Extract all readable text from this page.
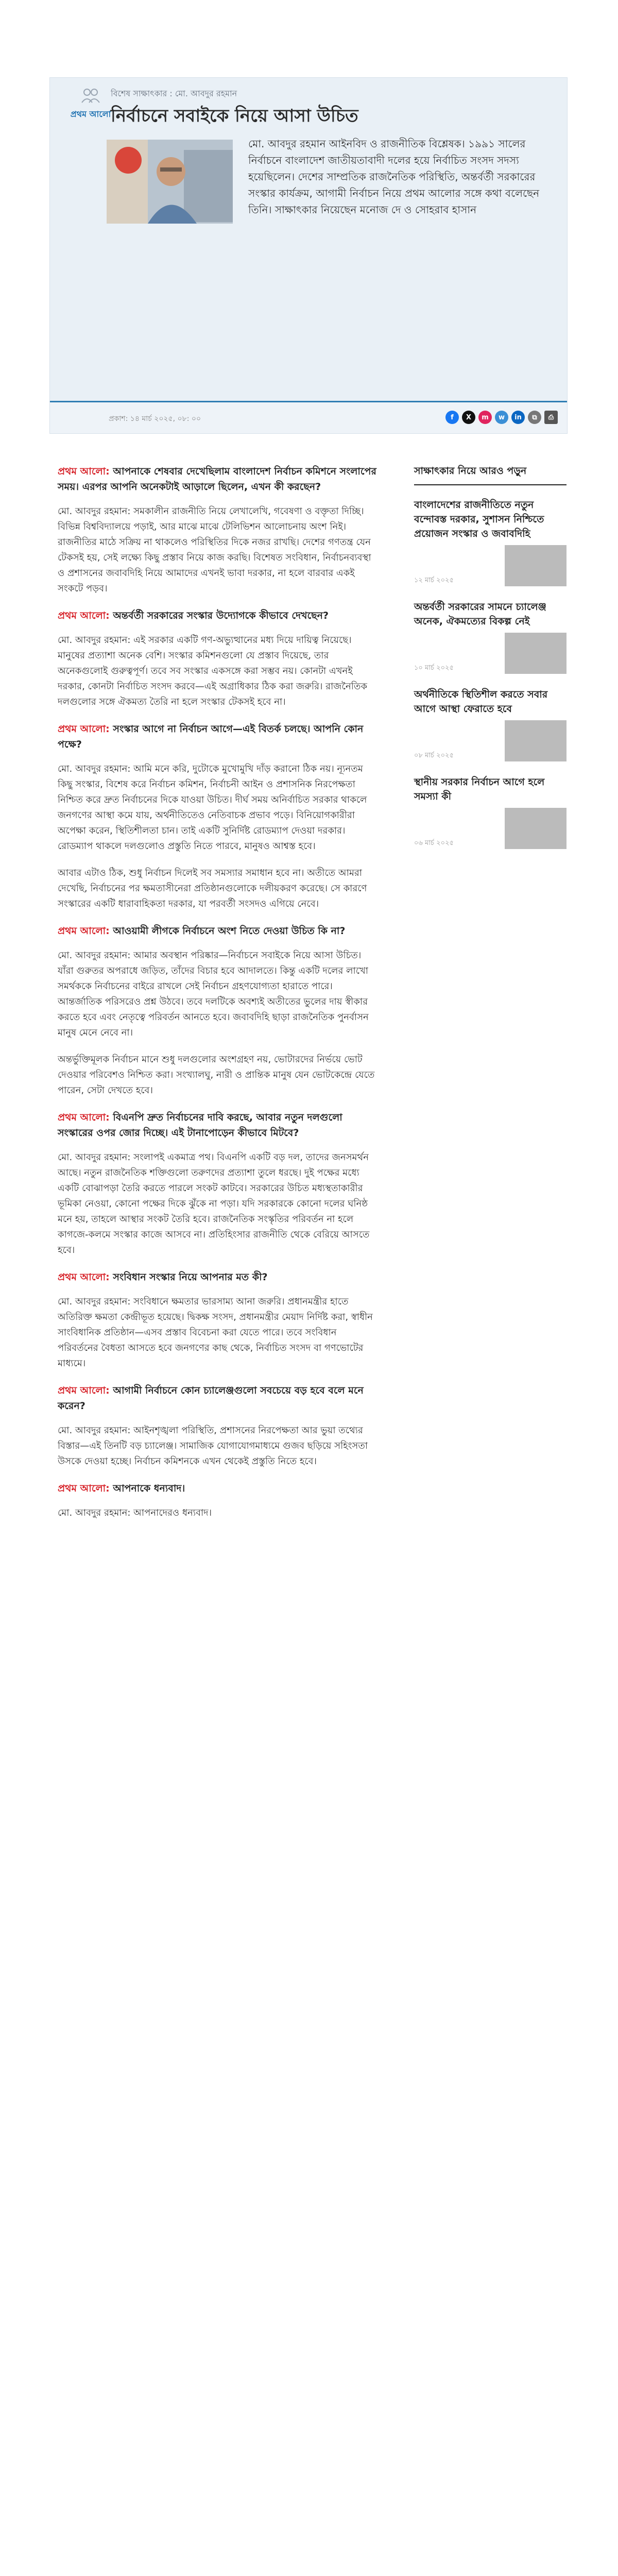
প্রথম আলো
বিশেষ সাক্ষাৎকার : মো. আবদুর রহমান
নির্বাচনে সবাইকে নিয়ে আসা উচিত
মো. আবদুর রহমান আইনবিদ ও রাজনীতিক বিশ্লেষক। ১৯৯১ সালের নির্বাচনে বাংলাদেশ জাতীয়তাবাদী দলের হয়ে নির্বাচিত সংসদ সদস্য হয়েছিলেন। দেশের সাম্প্রতিক রাজনৈতিক পরিস্থিতি, অন্তর্বর্তী সরকারের সংস্কার কার্যক্রম, আগামী নির্বাচন নিয়ে প্রথম আলোর সঙ্গে কথা বলেছেন তিনি। সাক্ষাৎকার নিয়েছেন মনোজ দে ও সোহরাব হাসান
প্রকাশ: ১৪ মার্চ ২০২৫, ০৮: ০০	f	X	m	w	in	⧉	⎙

প্রথম আলো: আপনাকে শেষবার দেখেছিলাম বাংলাদেশ নির্বাচন কমিশনে সংলাপের সময়। এরপর আপনি অনেকটাই আড়ালে ছিলেন, এখন কী করছেন?

মো. আবদুর রহমান: সমকালীন রাজনীতি নিয়ে লেখালেখি, গবেষণা ও বক্তৃতা দিচ্ছি। বিভিন্ন বিশ্ববিদ্যালয়ে পড়াই, আর মাঝে মাঝে টেলিভিশন আলোচনায় অংশ নিই। রাজনীতির মাঠে সক্রিয় না থাকলেও পরিস্থিতির দিকে নজর রাখছি। দেশের গণতন্ত্র যেন টেকসই হয়, সেই লক্ষ্যে কিছু প্রস্তাব নিয়ে কাজ করছি। বিশেষত সংবিধান, নির্বাচনব্যবস্থা ও প্রশাসনের জবাবদিহি নিয়ে আমাদের এখনই ভাবা দরকার, না হলে বারবার একই সংকটে পড়ব।

প্রথম আলো: অন্তর্বর্তী সরকারের সংস্কার উদ্যোগকে কীভাবে দেখছেন?

মো. আবদুর রহমান: এই সরকার একটি গণ-অভ্যুত্থানের মধ্য দিয়ে দায়িত্ব নিয়েছে। মানুষের প্রত্যাশা অনেক বেশি। সংস্কার কমিশনগুলো যে প্রস্তাব দিয়েছে, তার অনেকগুলোই গুরুত্বপূর্ণ। তবে সব সংস্কার একসঙ্গে করা সম্ভব নয়। কোনটা এখনই দরকার, কোনটা নির্বাচিত সংসদ করবে—এই অগ্রাধিকার ঠিক করা জরুরি। রাজনৈতিক দলগুলোর সঙ্গে ঐকমত্য তৈরি না হলে সংস্কার টেকসই হবে না।

প্রথম আলো: সংস্কার আগে না নির্বাচন আগে—এই বিতর্ক চলছে। আপনি কোন পক্ষে?

মো. আবদুর রহমান: আমি মনে করি, দুটোকে মুখোমুখি দাঁড় করানো ঠিক নয়। ন্যূনতম কিছু সংস্কার, বিশেষ করে নির্বাচন কমিশন, নির্বাচনী আইন ও প্রশাসনিক নিরপেক্ষতা নিশ্চিত করে দ্রুত নির্বাচনের দিকে যাওয়া উচিত। দীর্ঘ সময় অনির্বাচিত সরকার থাকলে জনগণের আস্থা কমে যায়, অর্থনীতিতেও নেতিবাচক প্রভাব পড়ে। বিনিয়োগকারীরা অপেক্ষা করেন, স্থিতিশীলতা চান। তাই একটি সুনির্দিষ্ট রোডম্যাপ দেওয়া দরকার। রোডম্যাপ থাকলে দলগুলোও প্রস্তুতি নিতে পারবে, মানুষও আশ্বস্ত হবে।

আবার এটাও ঠিক, শুধু নির্বাচন দিলেই সব সমস্যার সমাধান হবে না। অতীতে আমরা দেখেছি, নির্বাচনের পর ক্ষমতাসীনেরা প্রতিষ্ঠানগুলোকে দলীয়করণ করেছে। সে কারণে সংস্কারের একটি ধারাবাহিকতা দরকার, যা পরবর্তী সংসদও এগিয়ে নেবে।

প্রথম আলো: আওয়ামী লীগকে নির্বাচনে অংশ নিতে দেওয়া উচিত কি না?

মো. আবদুর রহমান: আমার অবস্থান পরিষ্কার—নির্বাচনে সবাইকে নিয়ে আসা উচিত। যাঁরা গুরুতর অপরাধে জড়িত, তাঁদের বিচার হবে আদালতে। কিন্তু একটি দলের লাখো সমর্থককে নির্বাচনের বাইরে রাখলে সেই নির্বাচন গ্রহণযোগ্যতা হারাতে পারে। আন্তর্জাতিক পরিসরেও প্রশ্ন উঠবে। তবে দলটিকে অবশ্যই অতীতের ভুলের দায় স্বীকার করতে হবে এবং নেতৃত্বে পরিবর্তন আনতে হবে। জবাবদিহি ছাড়া রাজনৈতিক পুনর্বাসন মানুষ মেনে নেবে না।

অন্তর্ভুক্তিমূলক নির্বাচন মানে শুধু দলগুলোর অংশগ্রহণ নয়, ভোটারদের নির্ভয়ে ভোট দেওয়ার পরিবেশও নিশ্চিত করা। সংখ্যালঘু, নারী ও প্রান্তিক মানুষ যেন ভোটকেন্দ্রে যেতে পারেন, সেটা দেখতে হবে।

প্রথম আলো: বিএনপি দ্রুত নির্বাচনের দাবি করছে, আবার নতুন দলগুলো সংস্কারের ওপর জোর দিচ্ছে। এই টানাপোড়েন কীভাবে মিটবে?

মো. আবদুর রহমান: সংলাপই একমাত্র পথ। বিএনপি একটি বড় দল, তাদের জনসমর্থন আছে। নতুন রাজনৈতিক শক্তিগুলো তরুণদের প্রত্যাশা তুলে ধরছে। দুই পক্ষের মধ্যে একটি বোঝাপড়া তৈরি করতে পারলে সংকট কাটবে। সরকারের উচিত মধ্যস্থতাকারীর ভূমিকা নেওয়া, কোনো পক্ষের দিকে ঝুঁকে না পড়া। যদি সরকারকে কোনো দলের ঘনিষ্ঠ মনে হয়, তাহলে আস্থার সংকট তৈরি হবে। রাজনৈতিক সংস্কৃতির পরিবর্তন না হলে কাগজে-কলমে সংস্কার কাজে আসবে না। প্রতিহিংসার রাজনীতি থেকে বেরিয়ে আসতে হবে।

প্রথম আলো: সংবিধান সংস্কার নিয়ে আপনার মত কী?

মো. আবদুর রহমান: সংবিধানে ক্ষমতার ভারসাম্য আনা জরুরি। প্রধানমন্ত্রীর হাতে অতিরিক্ত ক্ষমতা কেন্দ্রীভূত হয়েছে। দ্বিকক্ষ সংসদ, প্রধানমন্ত্রীর মেয়াদ নির্দিষ্ট করা, স্বাধীন সাংবিধানিক প্রতিষ্ঠান—এসব প্রস্তাব বিবেচনা করা যেতে পারে। তবে সংবিধান পরিবর্তনের বৈধতা আসতে হবে জনগণের কাছ থেকে, নির্বাচিত সংসদ বা গণভোটের মাধ্যমে।

প্রথম আলো: আগামী নির্বাচনে কোন চ্যালেঞ্জগুলো সবচেয়ে বড় হবে বলে মনে করেন?

মো. আবদুর রহমান: আইনশৃঙ্খলা পরিস্থিতি, প্রশাসনের নিরপেক্ষতা আর ভুয়া তথ্যের বিস্তার—এই তিনটি বড় চ্যালেঞ্জ। সামাজিক যোগাযোগমাধ্যমে গুজব ছড়িয়ে সহিংসতা উসকে দেওয়া হচ্ছে। নির্বাচন কমিশনকে এখন থেকেই প্রস্তুতি নিতে হবে।

প্রথম আলো: আপনাকে ধন্যবাদ।

মো. আবদুর রহমান: আপনাদেরও ধন্যবাদ।

সাক্ষাৎকার নিয়ে আরও পড়ুন
বাংলাদেশের রাজনীতিতে নতুন বন্দোবস্ত দরকার, সুশাসন নিশ্চিতে প্রয়োজন সংস্কার ও জবাবদিহি
১২ মার্চ ২০২৫
অন্তর্বর্তী সরকারের সামনে চ্যালেঞ্জ অনেক, ঐকমত্যের বিকল্প নেই
১০ মার্চ ২০২৫
অর্থনীতিকে স্থিতিশীল করতে সবার আগে আস্থা ফেরাতে হবে
০৮ মার্চ ২০২৫
স্থানীয় সরকার নির্বাচন আগে হলে সমস্যা কী
০৬ মার্চ ২০২৫
